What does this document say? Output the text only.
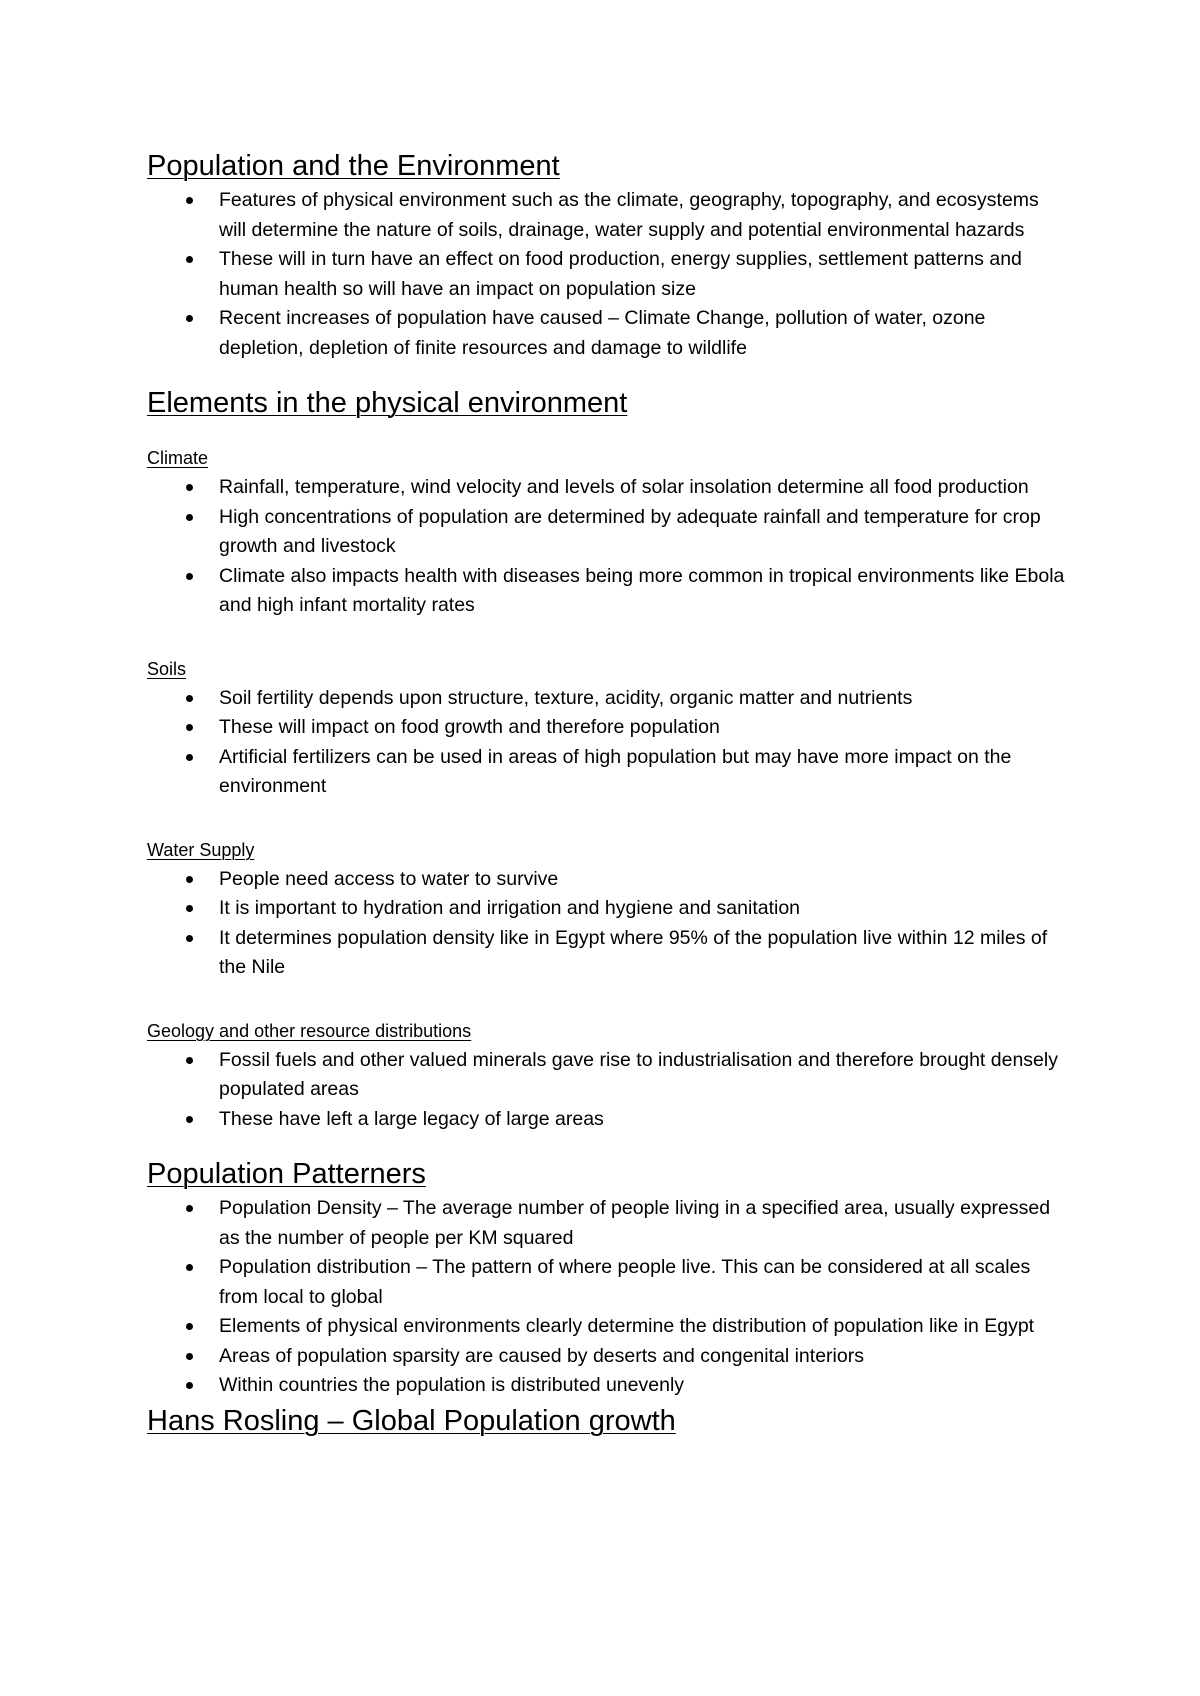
Population and the Environment
Features of physical environment such as the climate, geography, topography, and ecosystems will determine the nature of soils, drainage, water supply and potential environmental hazards
These will in turn have an effect on food production, energy supplies, settlement patterns and human health so will have an impact on population size
Recent increases of population have caused – Climate Change, pollution of water, ozone depletion, depletion of finite resources and damage to wildlife
Elements in the physical environment
Climate
Rainfall, temperature, wind velocity and levels of solar insolation determine all food production
High concentrations of population are determined by adequate rainfall and temperature for crop growth and livestock
Climate also impacts health with diseases being more common in tropical environments like Ebola and high infant mortality rates
Soils
Soil fertility depends upon structure, texture, acidity, organic matter and nutrients
These will impact on food growth and therefore population
Artificial fertilizers can be used in areas of high population but may have more impact on the environment
Water Supply
People need access to water to survive
It is important to hydration and irrigation and hygiene and sanitation
It determines population density like in Egypt where 95% of the population live within 12 miles of the Nile
Geology and other resource distributions
Fossil fuels and other valued minerals gave rise to industrialisation and therefore brought densely populated areas
These have left a large legacy of large areas
Population Patterners
Population Density – The average number of people living in a specified area, usually expressed as the number of people per KM squared
Population distribution – The pattern of where people live. This can be considered at all scales from local to global
Elements of physical environments clearly determine the distribution of population like in Egypt
Areas of population sparsity are caused by deserts and congenital interiors
Within countries the population is distributed unevenly
Hans Rosling – Global Population growth
